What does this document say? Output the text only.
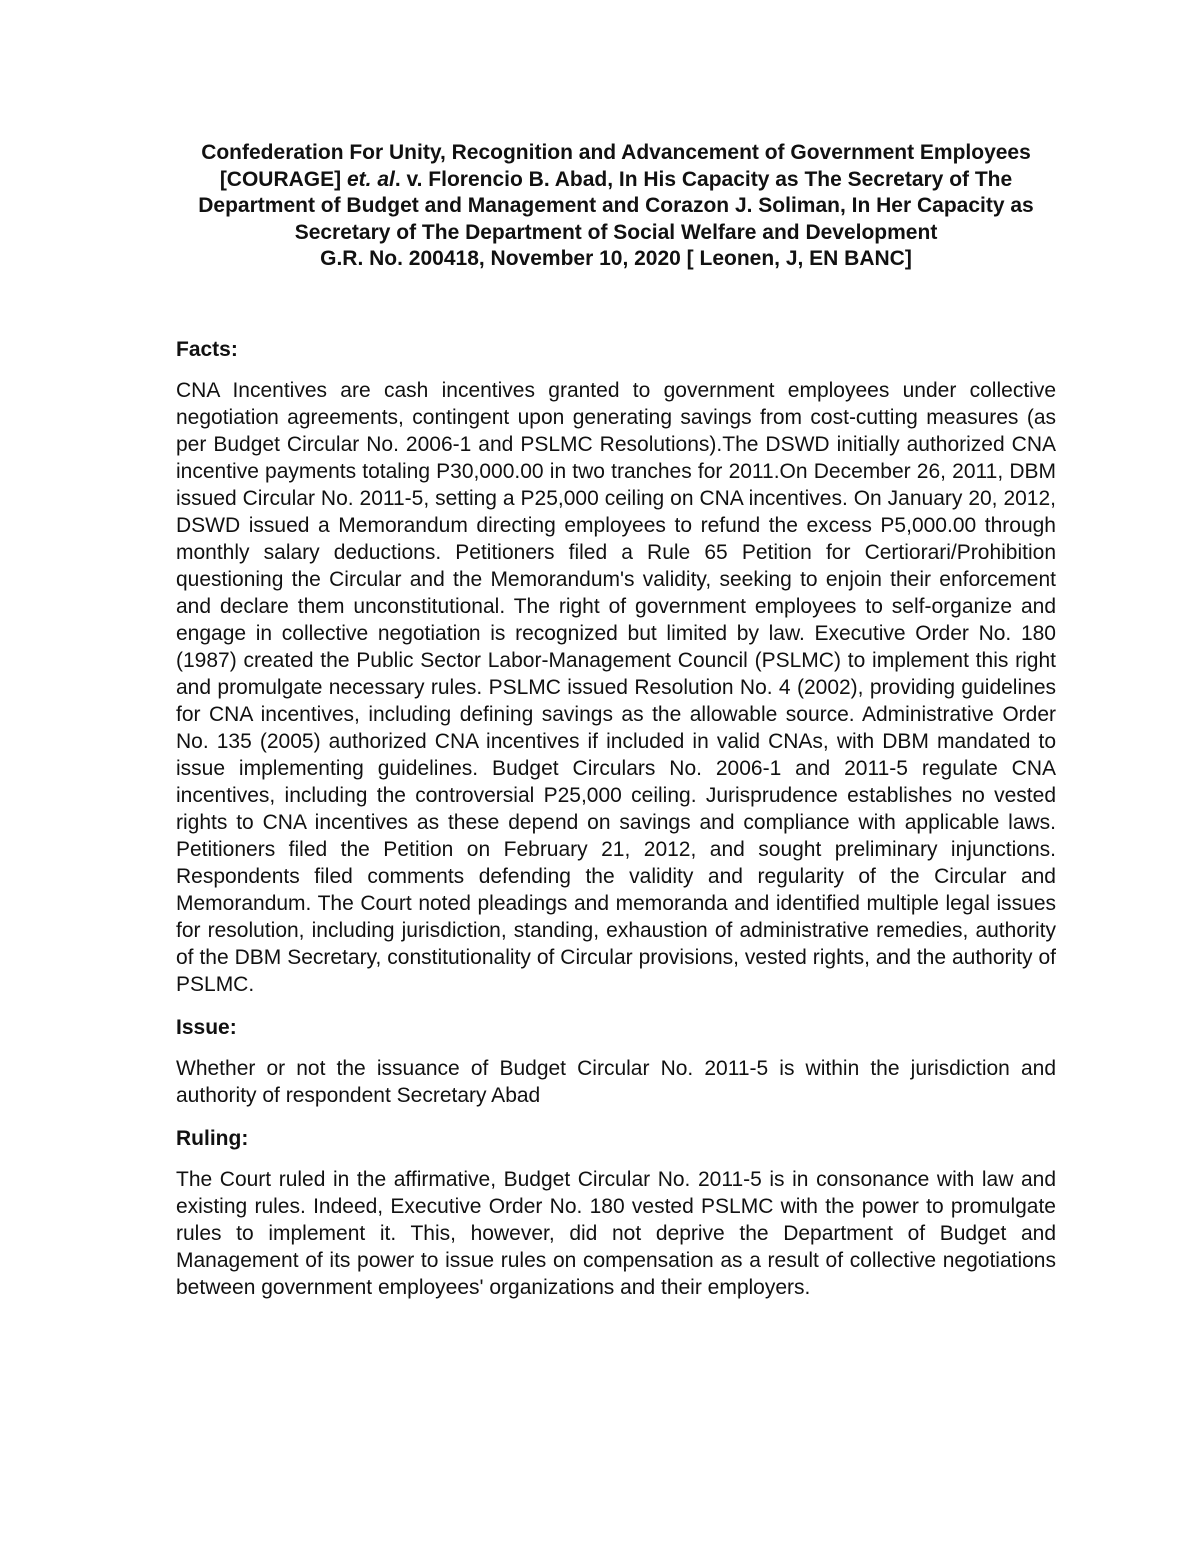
Confederation For Unity, Recognition and Advancement of Government Employees [COURAGE] et. al. v. Florencio B. Abad, In His Capacity as The Secretary of The Department of Budget and Management and Corazon J. Soliman, In Her Capacity as Secretary of The Department of Social Welfare and Development
G.R. No. 200418, November 10, 2020 [ Leonen, J, EN BANC]
Facts:

CNA Incentives are cash incentives granted to government employees under collective negotiation agreements, contingent upon generating savings from cost-cutting measures (as per Budget Circular No. 2006-1 and PSLMC Resolutions).The DSWD initially authorized CNA incentive payments totaling P30,000.00 in two tranches for 2011.On December 26, 2011, DBM issued Circular No. 2011-5, setting a P25,000 ceiling on CNA incentives. On January 20, 2012, DSWD issued a Memorandum directing employees to refund the excess P5,000.00 through monthly salary deductions. Petitioners filed a Rule 65 Petition for Certiorari/Prohibition questioning the Circular and the Memorandum's validity, seeking to enjoin their enforcement and declare them unconstitutional. The right of government employees to self-organize and engage in collective negotiation is recognized but limited by law. Executive Order No. 180 (1987) created the Public Sector Labor-Management Council (PSLMC) to implement this right and promulgate necessary rules. PSLMC issued Resolution No. 4 (2002), providing guidelines for CNA incentives, including defining savings as the allowable source. Administrative Order No. 135 (2005) authorized CNA incentives if included in valid CNAs, with DBM mandated to issue implementing guidelines. Budget Circulars No. 2006-1 and 2011-5 regulate CNA incentives, including the controversial P25,000 ceiling. Jurisprudence establishes no vested rights to CNA incentives as these depend on savings and compliance with applicable laws. Petitioners filed the Petition on February 21, 2012, and sought preliminary injunctions. Respondents filed comments defending the validity and regularity of the Circular and Memorandum. The Court noted pleadings and memoranda and identified multiple legal issues for resolution, including jurisdiction, standing, exhaustion of administrative remedies, authority of the DBM Secretary, constitutionality of Circular provisions, vested rights, and the authority of PSLMC.

Issue:

Whether or not the issuance of Budget Circular No. 2011-5 is within the jurisdiction and authority of respondent Secretary Abad

Ruling:

The Court ruled in the affirmative, Budget Circular No. 2011-5 is in consonance with law and existing rules. Indeed, Executive Order No. 180 vested PSLMC with the power to promulgate rules to implement it. This, however, did not deprive the Department of Budget and Management of its power to issue rules on compensation as a result of collective negotiations between government employees' organizations and their employers.
